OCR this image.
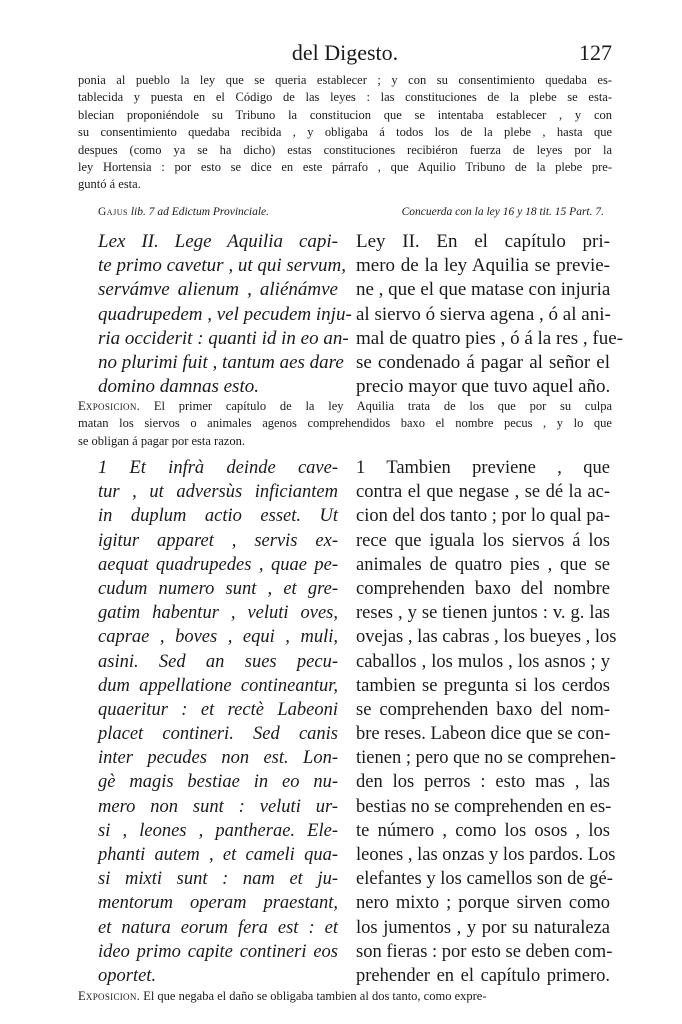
del Digesto.	127
ponia al pueblo la ley que se queria establecer ; y con su consentimiento quedaba es-
tablecida y puesta en el Código de las leyes : las constituciones de la plebe se esta-
blecian proponiéndole su Tribuno la constitucion que se intentaba establecer , y con
su consentimiento quedaba recibida , y obligaba á todos los de la plebe , hasta que
despues (como ya se ha dicho) estas constituciones recibiéron fuerza de leyes por la
ley Hortensia : por esto se dice en este párrafo , que Aquilio Tribuno de la plebe pre-
guntó á esta.
Gajus lib. 7 ad Edictum Provinciale.	Concuerda con la ley 16 y 18 tit. 15 Part. 7.
Lex II. Lege Aquilia capi-
te primo cavetur , ut qui servum,
servámve alienum , aliénámve
quadrupedem , vel pecudem inju-
ria occiderit : quanti id in eo an-
no plurimi fuit , tantum aes dare
domino damnas esto.
Ley II. En el capítulo pri-
mero de la ley Aquilia se previe-
ne , que el que matase con injuria
al siervo ó sierva agena , ó al ani-
mal de quatro pies , ó á la res , fue-
se condenado á pagar al señor el
precio mayor que tuvo aquel año.
Exposicion. El primer capítulo de la ley Aquilia trata de los que por su culpa
matan los siervos o animales agenos comprehendidos baxo el nombre pecus , y lo que
se obligan á pagar por esta razon.
1 Et infrà deinde cave-
tur , ut adversùs inficiantem
in duplum actio esset. Ut
igitur apparet , servis ex-
aequat quadrupedes , quae pe-
cudum numero sunt , et gre-
gatim habentur , veluti oves,
caprae , boves , equi , muli,
asini. Sed an sues pecu-
dum appellatione contineantur,
quaeritur : et rectè Labeoni
placet contineri. Sed canis
inter pecudes non est. Lon-
gè magis bestiae in eo nu-
mero non sunt : veluti ur-
si , leones , pantherae. Ele-
phanti autem , et cameli qua-
si mixti sunt : nam et ju-
mentorum operam praestant,
et natura eorum fera est : et
ideo primo capite contineri eos
oportet.
1 Tambien previene , que
contra el que negase , se dé la ac-
cion del dos tanto ; por lo qual pa-
rece que iguala los siervos á los
animales de quatro pies , que se
comprehenden baxo del nombre
reses , y se tienen juntos : v. g. las
ovejas , las cabras , los bueyes , los
caballos , los mulos , los asnos ; y
tambien se pregunta si los cerdos
se comprehenden baxo del nom-
bre reses. Labeon dice que se con-
tienen ; pero que no se comprehen-
den los perros : esto mas , las
bestias no se comprehenden en es-
te número , como los osos , los
leones , las onzas y los pardos. Los
elefantes y los camellos son de gé-
nero mixto ; porque sirven como
los jumentos , y por su naturaleza
son fieras : por esto se deben com-
prehender en el capítulo primero.
Exposicion. El que negaba el daño se obligaba tambien al dos tanto, como expre-
